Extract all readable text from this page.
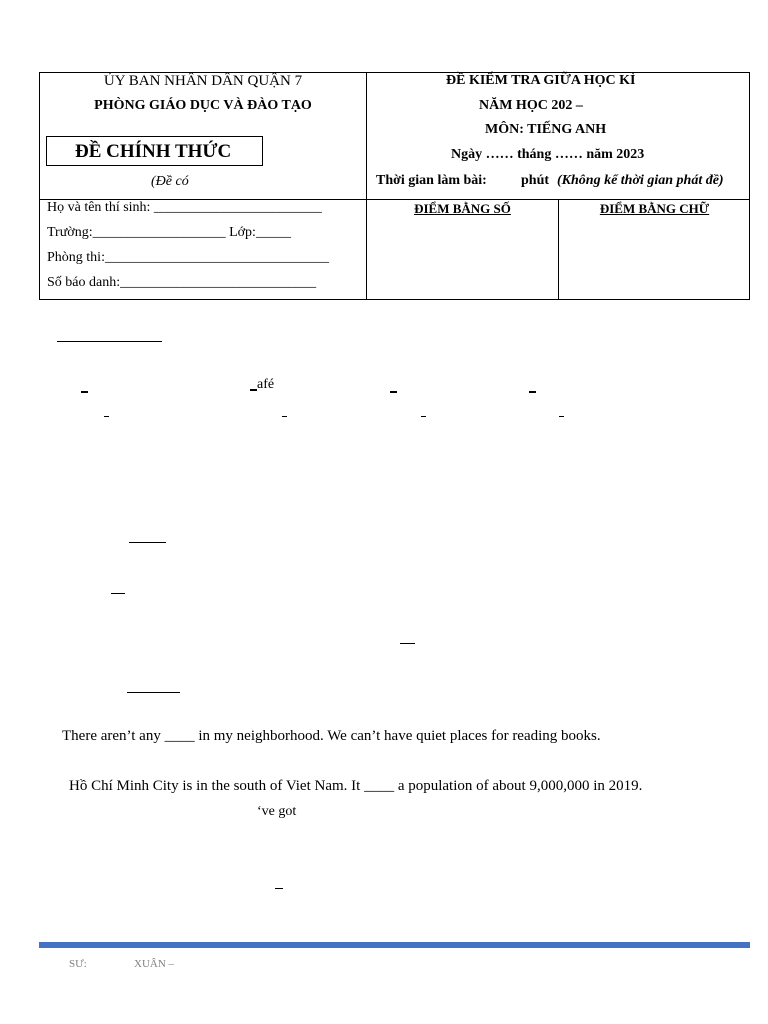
ỦY BAN NHÂN DÂN QUẬN 7
PHÒNG GIÁO DỤC VÀ ĐÀO TẠO
ĐỀ CHÍNH THỨC
(Đề có
ĐỀ KIỂM TRA GIỮA HỌC KÌ
NĂM HỌC 202 –
MÔN: TIẾNG ANH
Ngày …… tháng …… năm 2023
Thời gian làm bài: phút (Không kể thời gian phát đề)
Họ và tên thí sinh: ________________________
Trường:___________________ Lớp:_____
Phòng thi:________________________________
Số báo danh:____________________________
ĐIỂM BẰNG SỐ	ĐIỂM BẰNG CHỮ
afé
There aren’t any ____ in my neighborhood. We can’t have quiet places for reading books.
Hồ Chí Minh City is in the south of Viet Nam. It ____ a population of about 9,000,000 in 2019.
‘ve got
SƯ:	XUÂN –
